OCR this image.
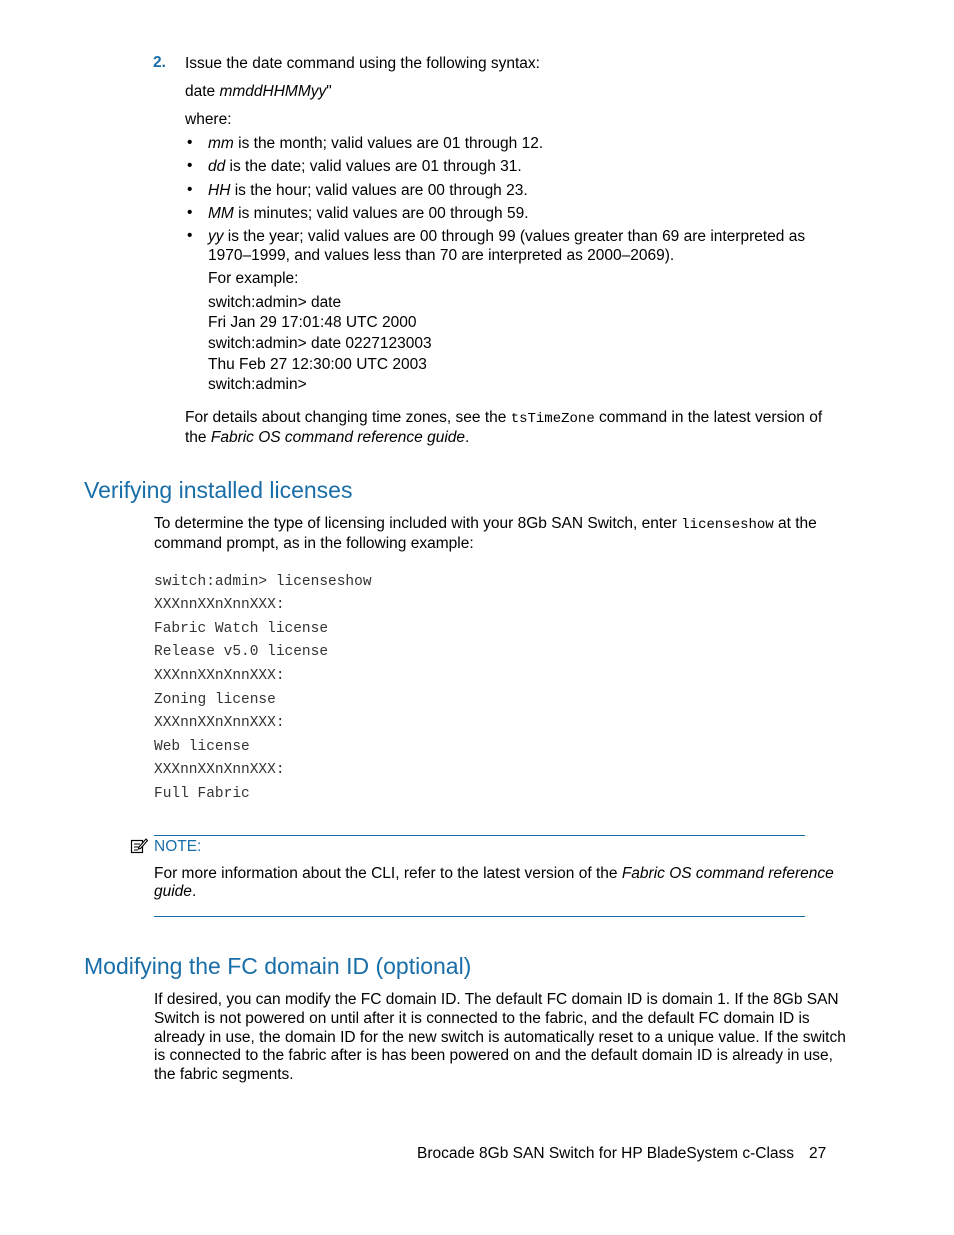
2. Issue the date command using the following syntax:
date mmddHHMMyy"
where:
• mm is the month; valid values are 01 through 12.
• dd is the date; valid values are 01 through 31.
• HH is the hour; valid values are 00 through 23.
• MM is minutes; valid values are 00 through 59.
• yy is the year; valid values are 00 through 99 (values greater than 69 are interpreted as
1970–1999, and values less than 70 are interpreted as 2000–2069).
For example:
switch:admin> date
Fri Jan 29 17:01:48 UTC 2000
switch:admin> date 0227123003
Thu Feb 27 12:30:00 UTC 2003
switch:admin>
For details about changing time zones, see the tsTimeZone command in the latest version of
the Fabric OS command reference guide.
Verifying installed licenses
To determine the type of licensing included with your 8Gb SAN Switch, enter licenseshow at the
command prompt, as in the following example:
switch:admin> licenseshow
XXXnnXXnXnnXXX:
Fabric Watch license
Release v5.0 license
XXXnnXXnXnnXXX:
Zoning license
XXXnnXXnXnnXXX:
Web license
XXXnnXXnXnnXXX:
Full Fabric
NOTE:
For more information about the CLI, refer to the latest version of the Fabric OS command reference
guide.
Modifying the FC domain ID (optional)
If desired, you can modify the FC domain ID. The default FC domain ID is domain 1. If the 8Gb SAN
Switch is not powered on until after it is connected to the fabric, and the default FC domain ID is
already in use, the domain ID for the new switch is automatically reset to a unique value. If the switch
is connected to the fabric after is has been powered on and the default domain ID is already in use,
the fabric segments.
Brocade 8Gb SAN Switch for HP BladeSystem c-Class 27
